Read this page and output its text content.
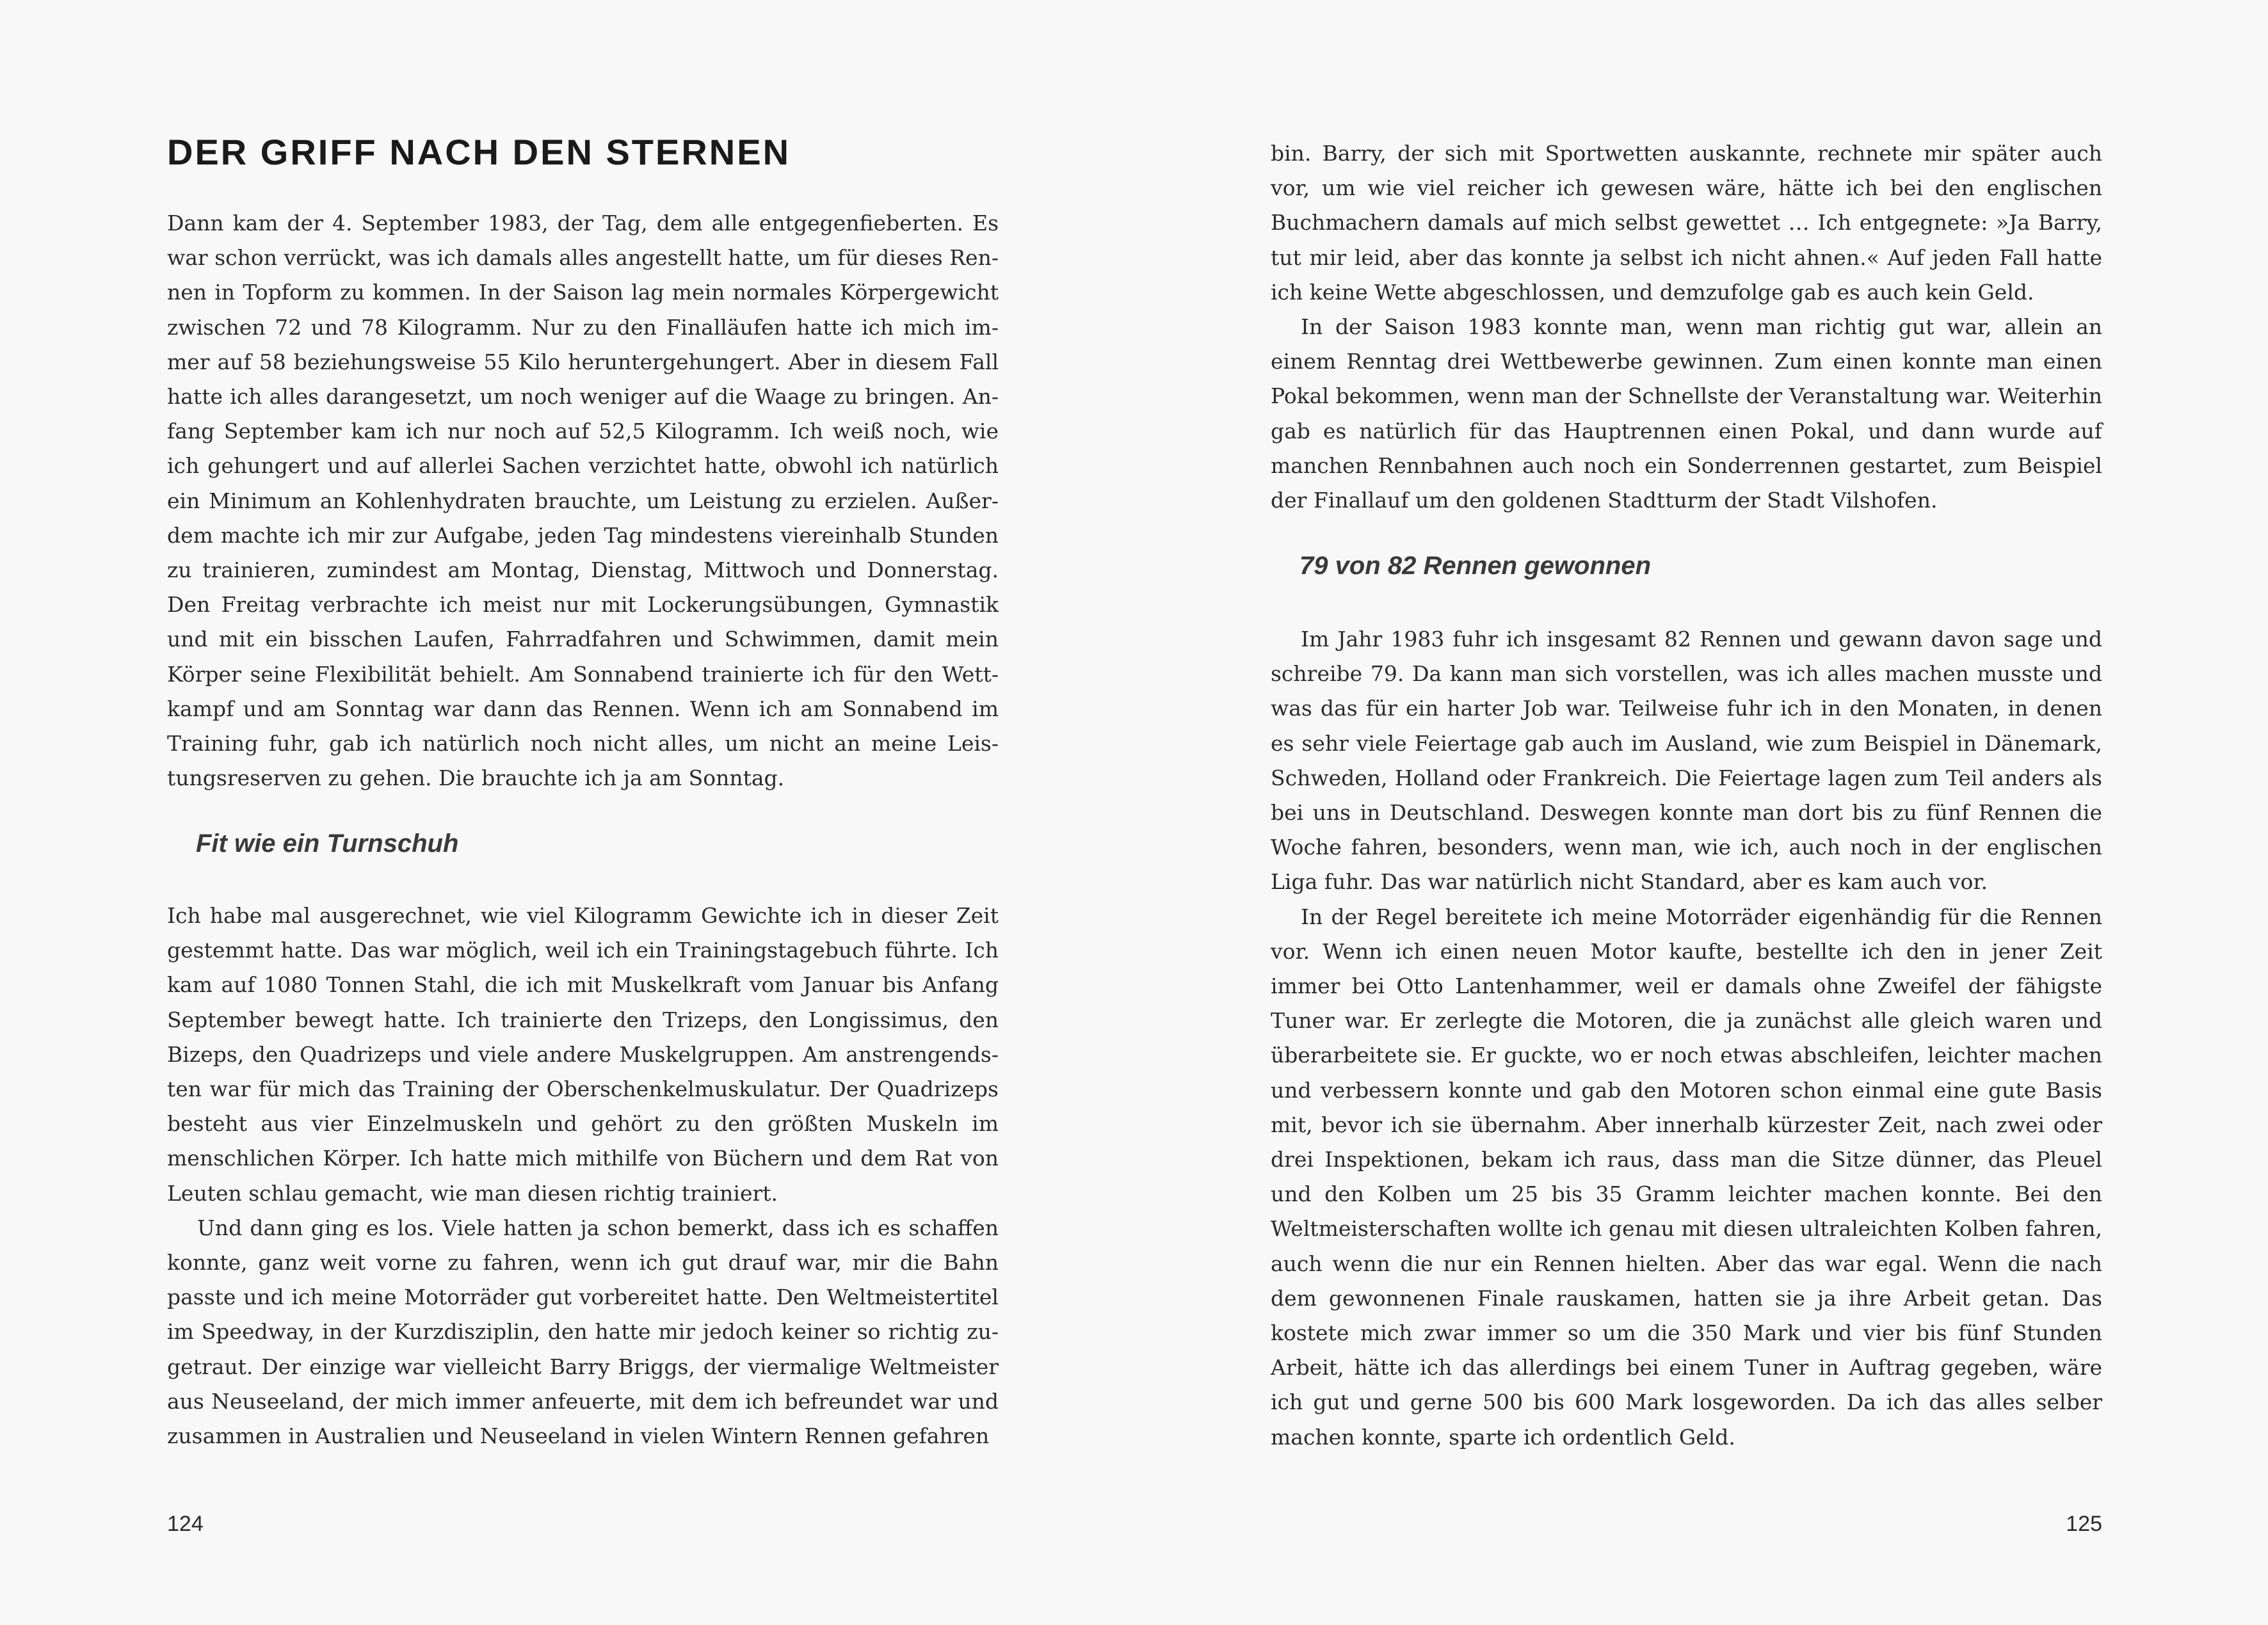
DER GRIFF NACH DEN STERNEN

Dann kam der 4. September 1983, der Tag, dem alle entgegenfieberten. Es war schon verrückt, was ich damals alles angestellt hatte, um für dieses Rennen in Topform zu kommen. In der Saison lag mein normales Körpergewicht zwischen 72 und 78 Kilogramm. Nur zu den Finalläufen hatte ich mich immer auf 58 beziehungsweise 55 Kilo heruntergehungert. Aber in diesem Fall hatte ich alles darangesetzt, um noch weniger auf die Waage zu bringen. Anfang September kam ich nur noch auf 52,5 Kilogramm. Ich weiß noch, wie ich gehungert und auf allerlei Sachen verzichtet hatte, obwohl ich natürlich ein Minimum an Kohlenhydraten brauchte, um Leistung zu erzielen. Außerdem machte ich mir zur Aufgabe, jeden Tag mindestens viereinhalb Stunden zu trainieren, zumindest am Montag, Dienstag, Mittwoch und Donnerstag. Den Freitag verbrachte ich meist nur mit Lockerungsübungen, Gymnastik und mit ein bisschen Laufen, Fahrradfahren und Schwimmen, damit mein Körper seine Flexibilität behielt. Am Sonnabend trainierte ich für den Wettkampf und am Sonntag war dann das Rennen. Wenn ich am Sonnabend im Training fuhr, gab ich natürlich noch nicht alles, um nicht an meine Leistungsreserven zu gehen. Die brauchte ich ja am Sonntag.

Fit wie ein Turnschuh

Ich habe mal ausgerechnet, wie viel Kilogramm Gewichte ich in dieser Zeit gestemmt hatte. Das war möglich, weil ich ein Trainingstagebuch führte. Ich kam auf 1080 Tonnen Stahl, die ich mit Muskelkraft vom Januar bis Anfang September bewegt hatte. Ich trainierte den Trizeps, den Longissimus, den Bizeps, den Quadrizeps und viele andere Muskelgruppen. Am anstrengendsten war für mich das Training der Oberschenkelmuskulatur. Der Quadrizeps besteht aus vier Einzelmuskeln und gehört zu den größten Muskeln im menschlichen Körper. Ich hatte mich mithilfe von Büchern und dem Rat von Leuten schlau gemacht, wie man diesen richtig trainiert.

Und dann ging es los. Viele hatten ja schon bemerkt, dass ich es schaffen konnte, ganz weit vorne zu fahren, wenn ich gut drauf war, mir die Bahn passte und ich meine Motorräder gut vorbereitet hatte. Den Weltmeistertitel im Speedway, in der Kurzdisziplin, den hatte mir jedoch keiner so richtig zugetraut. Der einzige war vielleicht Barry Briggs, der viermalige Weltmeister aus Neuseeland, der mich immer anfeuerte, mit dem ich befreundet war und zusammen in Australien und Neuseeland in vielen Wintern Rennen gefahren

124

bin. Barry, der sich mit Sportwetten auskannte, rechnete mir später auch vor, um wie viel reicher ich gewesen wäre, hätte ich bei den englischen Buchmachern damals auf mich selbst gewettet … Ich entgegnete: »Ja Barry, tut mir leid, aber das konnte ja selbst ich nicht ahnen.« Auf jeden Fall hatte ich keine Wette abgeschlossen, und demzufolge gab es auch kein Geld.

In der Saison 1983 konnte man, wenn man richtig gut war, allein an einem Renntag drei Wettbewerbe gewinnen. Zum einen konnte man einen Pokal bekommen, wenn man der Schnellste der Veranstaltung war. Weiterhin gab es natürlich für das Hauptrennen einen Pokal, und dann wurde auf manchen Rennbahnen auch noch ein Sonderrennen gestartet, zum Beispiel der Finallauf um den goldenen Stadtturm der Stadt Vilshofen.

79 von 82 Rennen gewonnen

Im Jahr 1983 fuhr ich insgesamt 82 Rennen und gewann davon sage und schreibe 79. Da kann man sich vorstellen, was ich alles machen musste und was das für ein harter Job war. Teilweise fuhr ich in den Monaten, in denen es sehr viele Feiertage gab auch im Ausland, wie zum Beispiel in Dänemark, Schweden, Holland oder Frankreich. Die Feiertage lagen zum Teil anders als bei uns in Deutschland. Deswegen konnte man dort bis zu fünf Rennen die Woche fahren, besonders, wenn man, wie ich, auch noch in der englischen Liga fuhr. Das war natürlich nicht Standard, aber es kam auch vor.

In der Regel bereitete ich meine Motorräder eigenhändig für die Rennen vor. Wenn ich einen neuen Motor kaufte, bestellte ich den in jener Zeit immer bei Otto Lantenhammer, weil er damals ohne Zweifel der fähigste Tuner war. Er zerlegte die Motoren, die ja zunächst alle gleich waren und überarbeitete sie. Er guckte, wo er noch etwas abschleifen, leichter machen und verbessern konnte und gab den Motoren schon einmal eine gute Basis mit, bevor ich sie übernahm. Aber innerhalb kürzester Zeit, nach zwei oder drei Inspektionen, bekam ich raus, dass man die Sitze dünner, das Pleuel und den Kolben um 25 bis 35 Gramm leichter machen konnte. Bei den Weltmeisterschaften wollte ich genau mit diesen ultraleichten Kolben fahren, auch wenn die nur ein Rennen hielten. Aber das war egal. Wenn die nach dem gewonnenen Finale rauskamen, hatten sie ja ihre Arbeit getan. Das kostete mich zwar immer so um die 350 Mark und vier bis fünf Stunden Arbeit, hätte ich das allerdings bei einem Tuner in Auftrag gegeben, wäre ich gut und gerne 500 bis 600 Mark losgeworden. Da ich das alles selber machen konnte, sparte ich ordentlich Geld.

125
